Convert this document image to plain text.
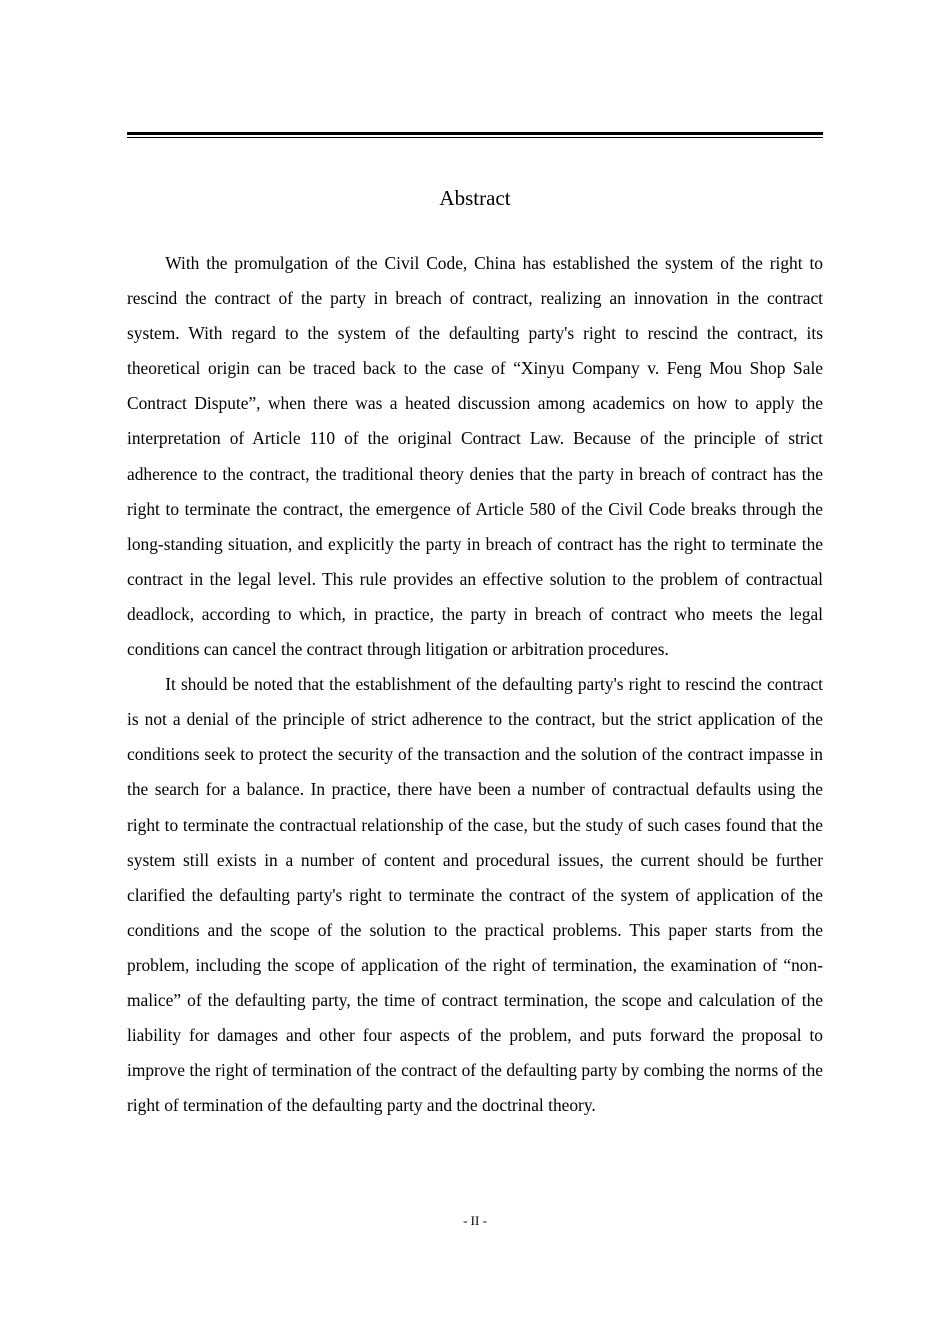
Abstract

With the promulgation of the Civil Code, China has established the system of the right to rescind the contract of the party in breach of contract, realizing an innovation in the contract system. With regard to the system of the defaulting party's right to rescind the contract, its theoretical origin can be traced back to the case of “Xinyu Company v. Feng Mou Shop Sale Contract Dispute”, when there was a heated discussion among academics on how to apply the interpretation of Article 110 of the original Contract Law. Because of the principle of strict adherence to the contract, the traditional theory denies that the party in breach of contract has the right to terminate the contract, the emergence of Article 580 of the Civil Code breaks through the long-standing situation, and explicitly the party in breach of contract has the right to terminate the contract in the legal level. This rule provides an effective solution to the problem of contractual deadlock, according to which, in practice, the party in breach of contract who meets the legal conditions can cancel the contract through litigation or arbitration procedures.

It should be noted that the establishment of the defaulting party's right to rescind the contract is not a denial of the principle of strict adherence to the contract, but the strict application of the conditions seek to protect the security of the transaction and the solution of the contract impasse in the search for a balance. In practice, there have been a number of contractual defaults using the right to terminate the contractual relationship of the case, but the study of such cases found that the system still exists in a number of content and procedural issues, the current should be further clarified the defaulting party's right to terminate the contract of the system of application of the conditions and the scope of the solution to the practical problems. This paper starts from the problem, including the scope of application of the right of termination, the examination of “non-malice” of the defaulting party, the time of contract termination, the scope and calculation of the liability for damages and other four aspects of the problem, and puts forward the proposal to improve the right of termination of the contract of the defaulting party by combing the norms of the right of termination of the defaulting party and the doctrinal theory.

- II -
